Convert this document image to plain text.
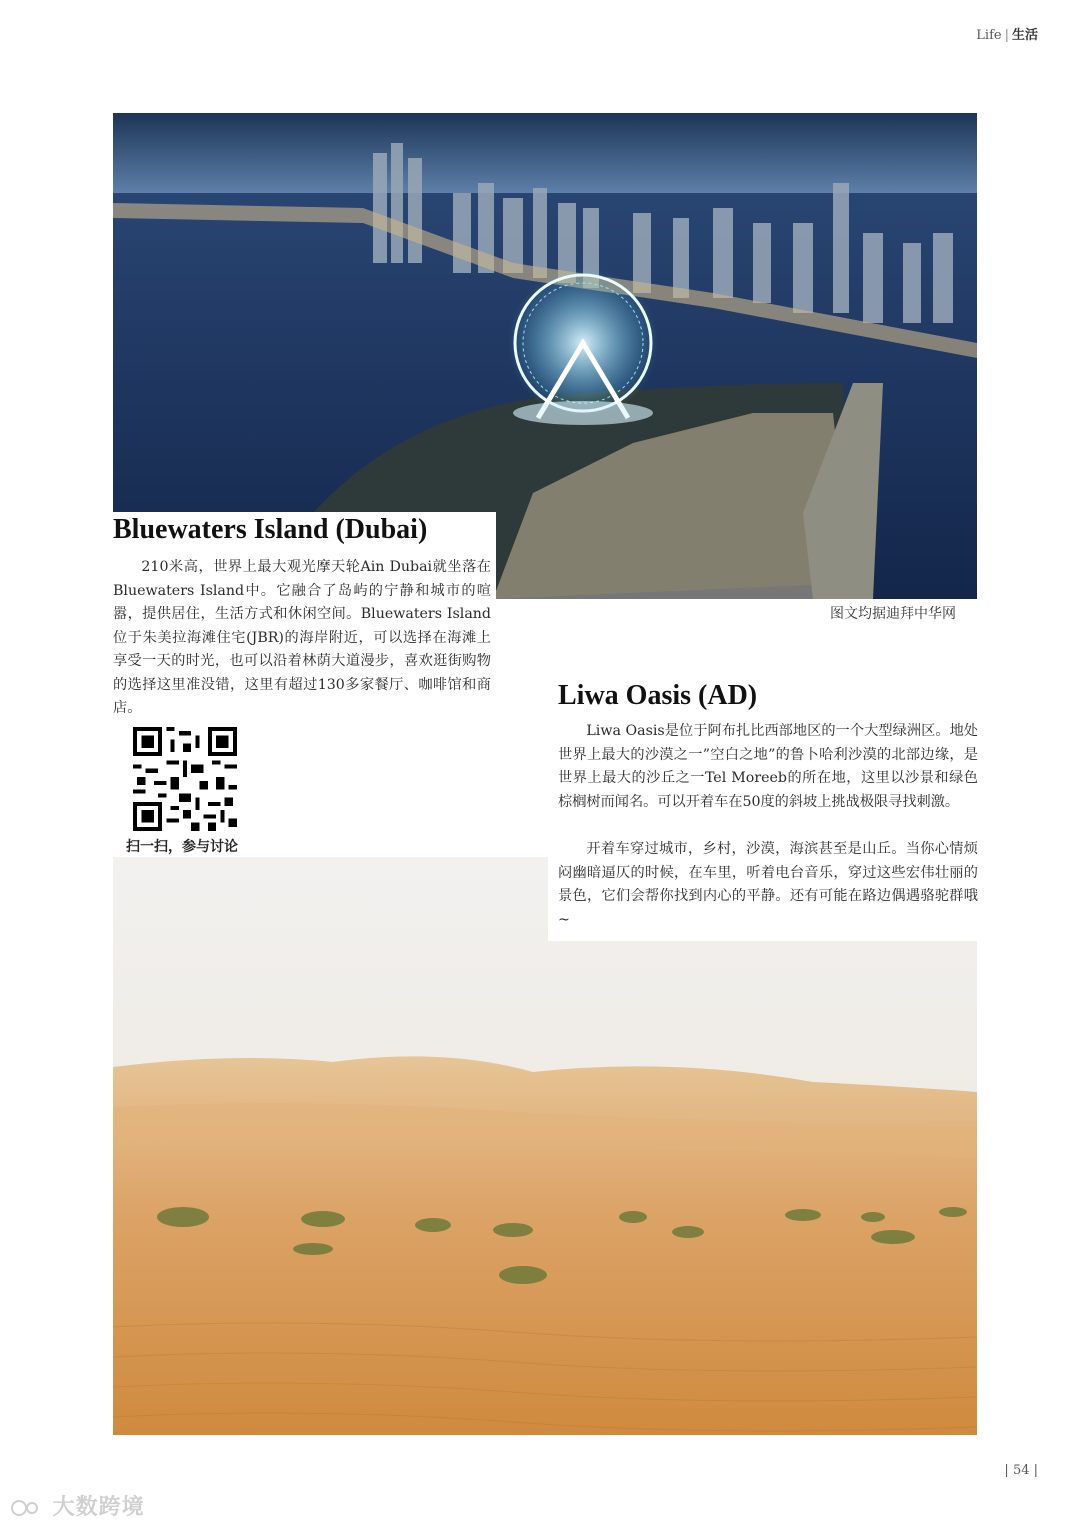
Life | 生活
图文均据迪拜中华网
Bluewaters Island (Dubai)

210米高，世界上最大观光摩天轮Ain Dubai就坐落在Bluewaters Island中。它融合了岛屿的宁静和城市的喧嚣，提供居住，生活方式和休闲空间。Bluewaters Island位于朱美拉海滩住宅(JBR)的海岸附近，可以选择在海滩上享受一天的时光，也可以沿着林荫大道漫步，喜欢逛街购物的选择这里准没错，这里有超过130多家餐厅、咖啡馆和商店。

扫一扫，参与讨论
Liwa Oasis (AD)

Liwa Oasis是位于阿布扎比西部地区的一个大型绿洲区。地处世界上最大的沙漠之一”空白之地”的鲁卜哈利沙漠的北部边缘，是世界上最大的沙丘之一Tel Moreeb的所在地，这里以沙景和绿色棕榈树而闻名。可以开着车在50度的斜坡上挑战极限寻找刺激。

开着车穿过城市，乡村，沙漠，海滨甚至是山丘。当你心情烦闷幽暗逼仄的时候，在车里，听着电台音乐，穿过这些宏伟壮丽的景色，它们会帮你找到内心的平静。还有可能在路边偶遇骆驼群哦~

| 54 |
大数跨境
